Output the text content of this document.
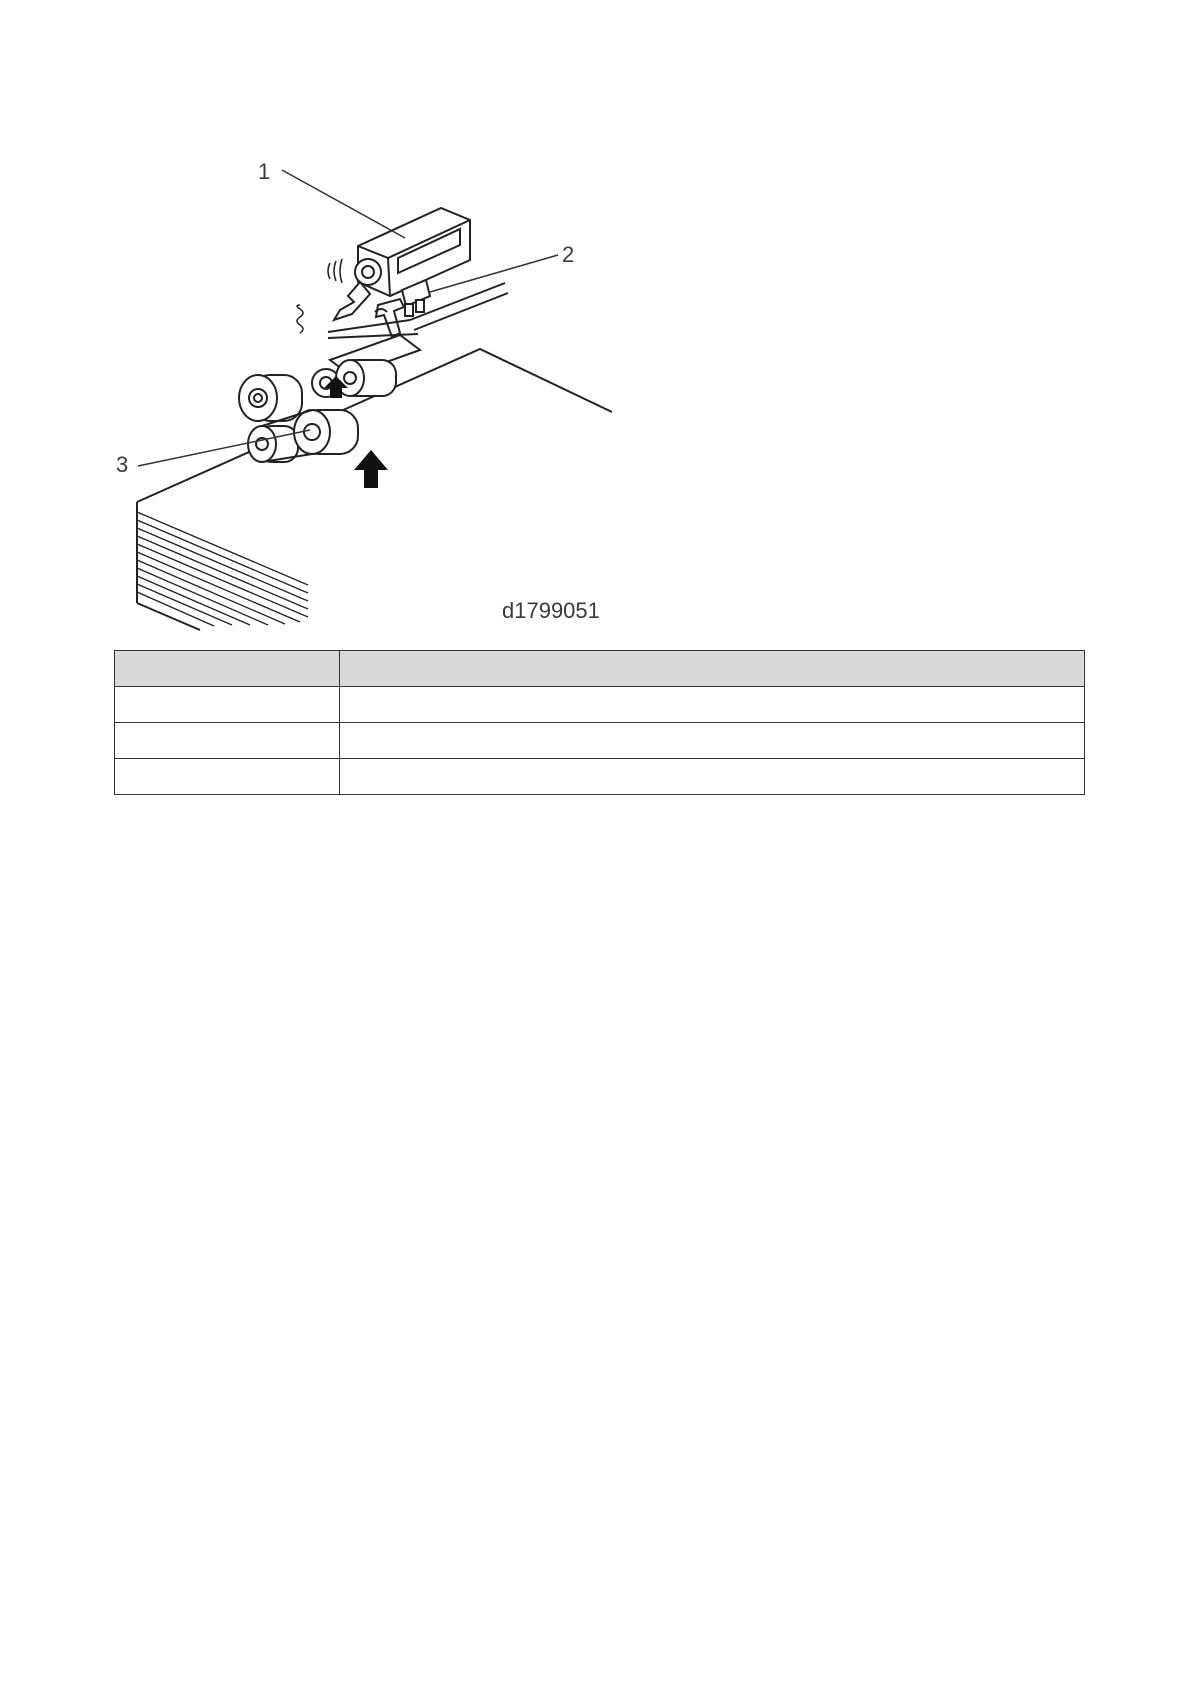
1
2
3
d1799051
